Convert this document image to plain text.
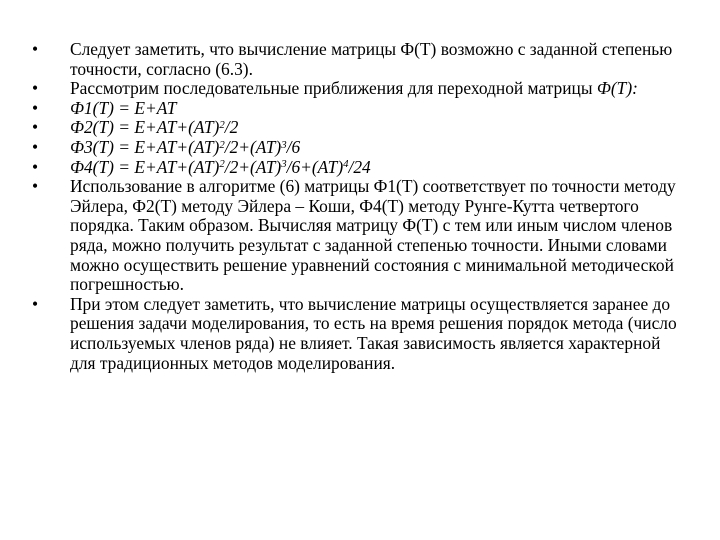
• Следует заметить, что вычисление матрицы Ф(Т) возможно с заданной степенью точности, согласно (6.3).
• Рассмотрим последовательные приближения для переходной матрицы Ф(Т):
• Ф1(Т) = E+AT
• Ф2(Т) = E+AT+(AT)$^2$/2
• Ф3(Т) = E+AT+(AT)$^2$/2+(AT)$^3$/6
• Ф4(Т) = E+AT+(AT)$^2$/2+(AT)$^3$/6+(AT)$^4$/24
• Использование в алгоритме (6) матрицы Ф1(Т) соответствует по точности методу Эйлера, Ф2(Т) методу Эйлера – Коши, Ф4(Т) методу Рунге-Кутта четвертого порядка. Таким образом. Вычисляя матрицу Ф(Т) с тем или иным числом членов ряда, можно получить результат с заданной степенью точности. Иными словами можно осуществить решение уравнений состояния с минимальной методической погрешностью.
• При этом следует заметить, что вычисление матрицы осуществляется заранее до решения задачи моделирования, то есть на время решения порядок метода (число используемых членов ряда) не влияет. Такая зависимость является характерной для традиционных методов моделирования.
